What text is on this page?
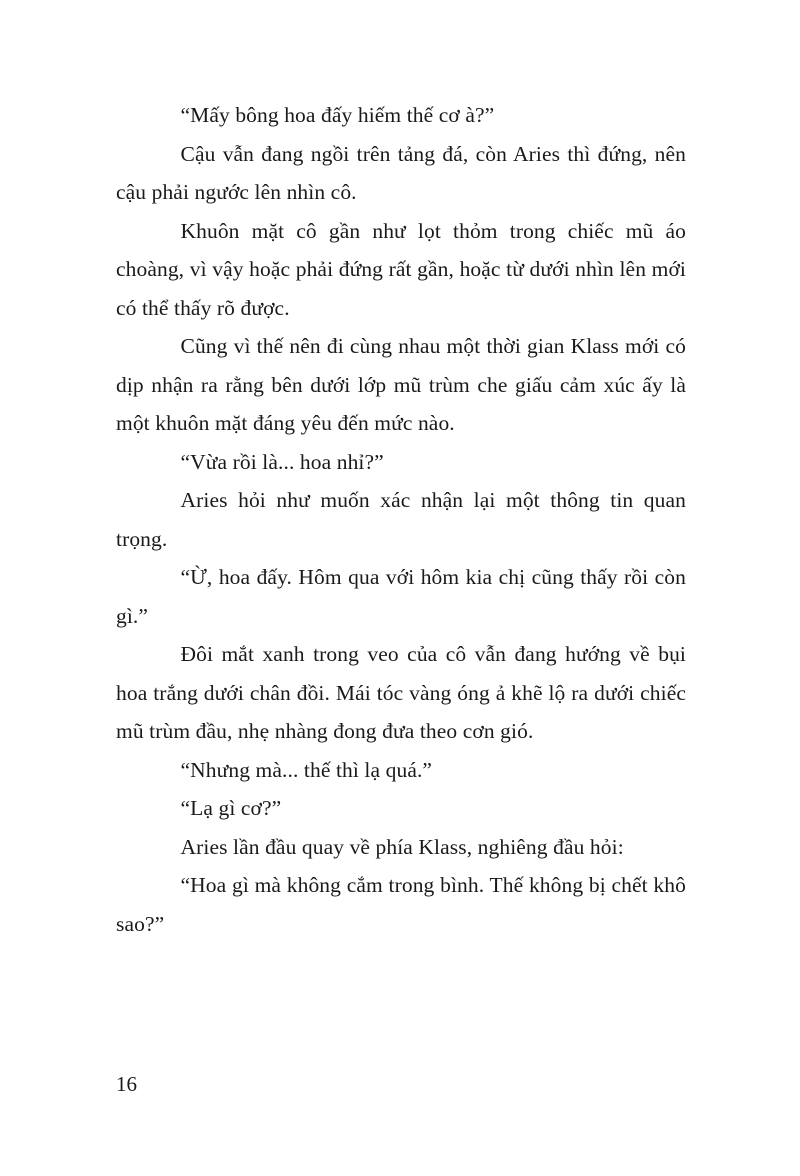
“Mấy bông hoa đấy hiếm thế cơ à?”

Cậu vẫn đang ngồi trên tảng đá, còn Aries thì đứng, nên cậu phải ngước lên nhìn cô.

Khuôn mặt cô gần như lọt thỏm trong chiếc mũ áo choàng, vì vậy hoặc phải đứng rất gần, hoặc từ dưới nhìn lên mới có thể thấy rõ được.

Cũng vì thế nên đi cùng nhau một thời gian Klass mới có dịp nhận ra rằng bên dưới lớp mũ trùm che giấu cảm xúc ấy là một khuôn mặt đáng yêu đến mức nào.

“Vừa rồi là... hoa nhỉ?”

Aries hỏi như muốn xác nhận lại một thông tin quan trọng.

“Ừ, hoa đấy. Hôm qua với hôm kia chị cũng thấy rồi còn gì.”

Đôi mắt xanh trong veo của cô vẫn đang hướng về bụi hoa trắng dưới chân đồi. Mái tóc vàng óng ả khẽ lộ ra dưới chiếc mũ trùm đầu, nhẹ nhàng đong đưa theo cơn gió.

“Nhưng mà... thế thì lạ quá.”

“Lạ gì cơ?”

Aries lần đầu quay về phía Klass, nghiêng đầu hỏi:

“Hoa gì mà không cắm trong bình. Thế không bị chết khô sao?”

16
